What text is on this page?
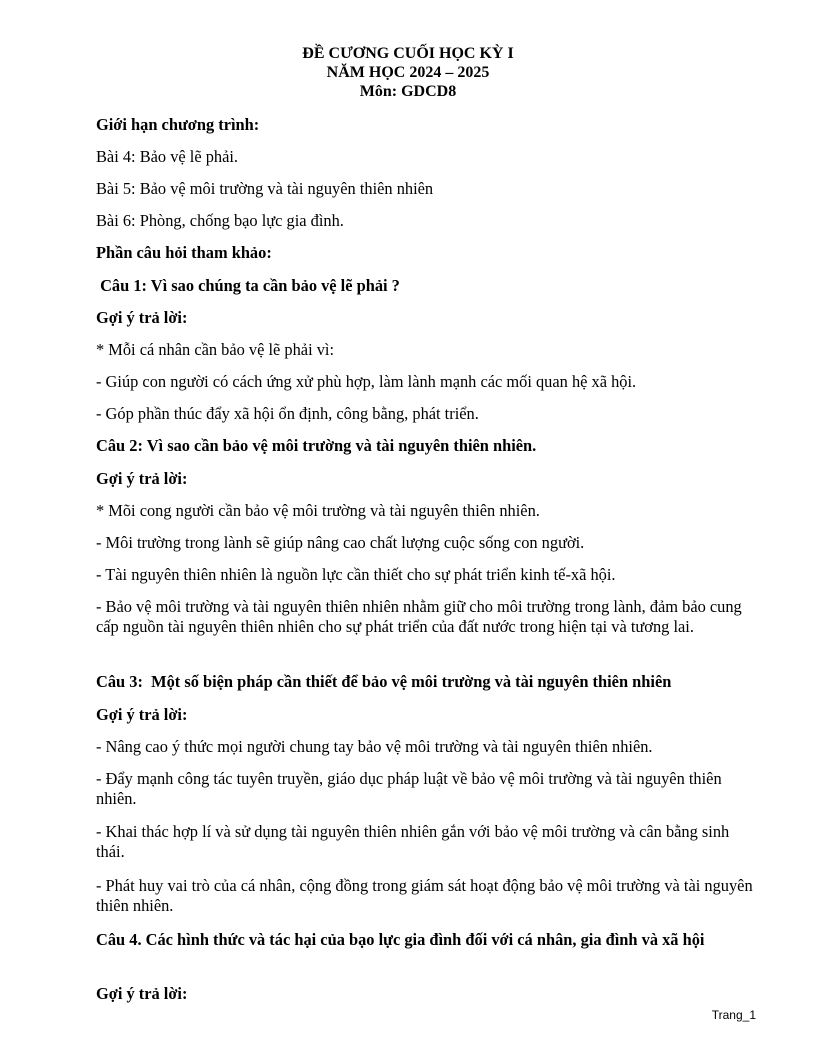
ĐỀ CƯƠNG CUỐI HỌC KỲ I
NĂM HỌC 2024 – 2025
Môn: GDCD8
Giới hạn chương trình:
Bài 4: Bảo vệ lẽ phải.
Bài 5: Bảo vệ môi trường và tài nguyên thiên nhiên
Bài 6: Phòng, chống bạo lực gia đình.
Phần câu hỏi tham khảo:
Câu 1: Vì sao chúng ta cần bảo vệ lẽ phải ?
Gợi ý trả lời:
* Mỗi cá nhân cần bảo vệ lẽ phải vì:
- Giúp con người có cách ứng xử phù hợp, làm lành mạnh các mối quan hệ xã hội.
- Góp phần thúc đẩy xã hội ổn định, công bằng, phát triển.
Câu 2: Vì sao cần bảo vệ môi trường và tài nguyên thiên nhiên.
Gợi ý trả lời:
* Mõi cong người cần bảo vệ môi trường và tài nguyên thiên nhiên.
- Môi trường trong lành sẽ giúp nâng cao chất lượng cuộc sống con người.
- Tài nguyên thiên nhiên là nguồn lực cần thiết cho sự phát triển kinh tế-xã hội.
- Bảo vệ môi trường và tài nguyên thiên nhiên nhằm giữ cho môi trường trong lành, đảm bảo cung cấp nguồn tài nguyên thiên nhiên cho sự phát triển của đất nước trong hiện tại và tương lai.
Câu 3:  Một số biện pháp cần thiết để bảo vệ môi trường và tài nguyên thiên nhiên
Gợi ý trả lời:
- Nâng cao ý thức mọi người chung tay bảo vệ môi trường và tài nguyên thiên nhiên.
- Đẩy mạnh công tác tuyên truyền, giáo dục pháp luật về bảo vệ môi trường và tài nguyên thiên nhiên.
- Khai thác hợp lí và sử dụng tài nguyên thiên nhiên gắn với bảo vệ môi trường và cân bằng sinh thái.
- Phát huy vai trò của cá nhân, cộng đồng trong giám sát hoạt động bảo vệ môi trường và tài nguyên thiên nhiên.
Câu 4. Các hình thức và tác hại của bạo lực gia đình đối với cá nhân, gia đình và xã hội
Gợi ý trả lời:
Trang_1
